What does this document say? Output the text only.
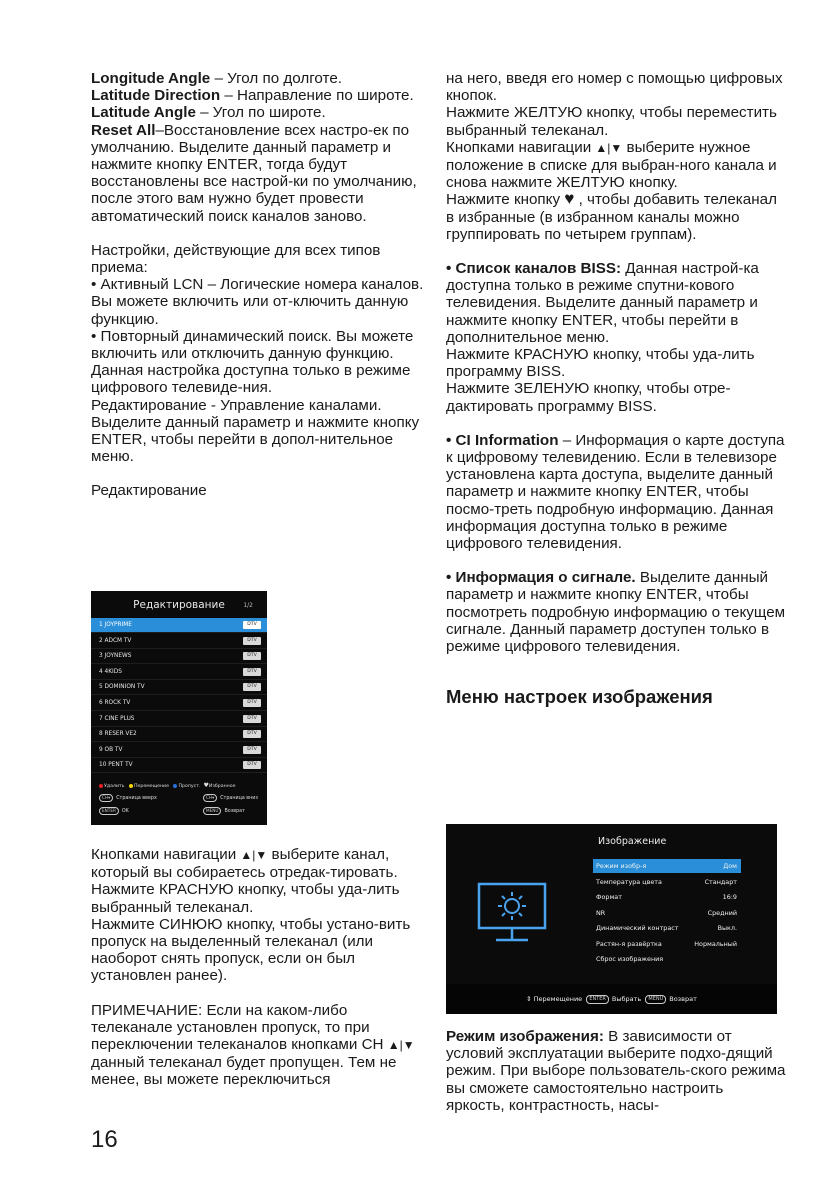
Longitude Angle – Угол по долготе.
Latitude Direction – Направление по широте.
Latitude Angle – Угол по широте.
Reset All–Восстановление всех настро-ек по умолчанию. Выделите данный параметр и нажмите кнопку ENTER, тогда будут восстановлены все настрой-ки по умолчанию, после этого вам нужно будет провести автоматический поиск каналов заново.

Настройки, действующие для всех типов приема:

• Активный LCN – Логические номера каналов. Вы можете включить или от-ключить данную функцию.

• Повторный динамический поиск. Вы можете включить или отключить данную функцию. Данная настройка доступна только в режиме цифрового телевиде-ния.

Редактирование - Управление каналами. Выделите данный параметр и нажмите кнопку ENTER, чтобы перейти в допол-нительное меню.

Редактирование

Редактирование	1/2
1 JOYPRIME	DTV
2 ADCM TV	DTV
3 JOYNEWS	DTV
4 4KIDS	DTV
5 DOMINION TV	DTV
6 ROCK TV	DTV
7 CINE PLUS	DTV
8 RESER VE2	DTV
9 OB TV	DTV
10 PENT TV	DTV
Удалить Перемещение Пропуст. ♥Избранное
CH▾ Страница вверх	CH▾ Страница вниз
ENTER OK	MENU Возврат

Кнопками навигации ▲|▼ выберите канал, который вы собираетесь отредак-тировать.

Нажмите КРАСНУЮ кнопку, чтобы уда-лить выбранный телеканал.

Нажмите СИНЮЮ кнопку, чтобы устано-вить пропуск на выделенный телеканал (или наоборот снять пропуск, если он был установлен ранее).

ПРИМЕЧАНИЕ: Если на каком-либо телеканале установлен пропуск, то при переключении телеканалов кнопками CH ▲|▼ данный телеканал будет пропущен. Тем не менее, вы можете переключиться

на него, введя его номер с помощью цифровых кнопок.

Нажмите ЖЕЛТУЮ кнопку, чтобы переместить выбранный телеканал.

Кнопками навигации ▲|▼ выберите нужное положение в списке для выбран-ного канала и снова нажмите ЖЕЛТУЮ кнопку.

Нажмите кнопку ♥ , чтобы добавить телеканал в избранные (в избранном каналы можно группировать по четырем группам).

• Список каналов BISS: Данная настрой-ка доступна только в режиме спутни-кового телевидения. Выделите данный параметр и нажмите кнопку ENTER, чтобы перейти в дополнительное меню.

Нажмите КРАСНУЮ кнопку, чтобы уда-лить программу BISS.

Нажмите ЗЕЛЕНУЮ кнопку, чтобы отре-дактировать программу BISS.

• CI Information – Информация о карте доступа к цифровому телевидению. Если в телевизоре установлена карта доступа, выделите данный параметр и нажмите кнопку ENTER, чтобы посмо-треть подробную информацию. Данная информация доступна только в режиме цифрового телевидения.

• Информация о сигнале. Выделите данный параметр и нажмите кнопку ENTER, чтобы посмотреть подробную информацию о текущем сигнале. Данный параметр доступен только в режиме цифрового телевидения.

Меню настроек изображения

Изображение
Режим изобр-я	Дом
Температура цвета	Стандарт
Формат	16:9
NR	Средний
Динамический контраст	Выкл.
Растян-я развёртка	Нормальный
Сброс изображения
⇕ Перемещение ENTER Выбрать MENU Возврат

Режим изображения: В зависимости от условий эксплуатации выберите подхо-дящий режим. При выборе пользователь-ского режима вы сможете самостоятельно настроить яркость, контрастность, насы-

16
